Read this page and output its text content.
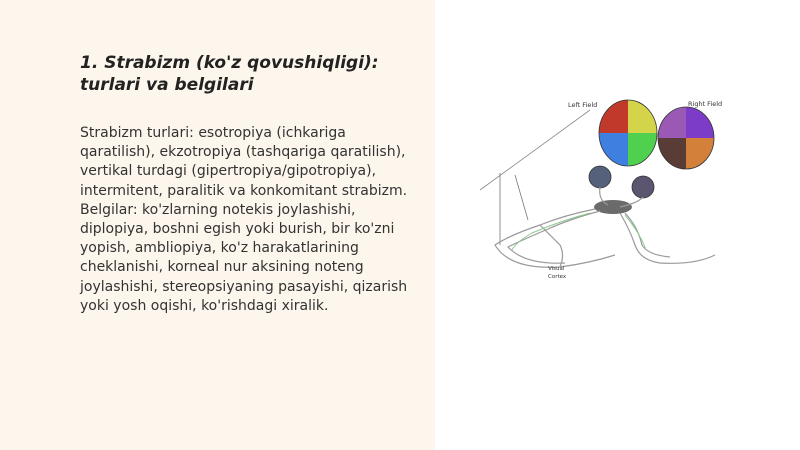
1. Strabizm (ko'z qovushiqligi): turlari va belgilari

Strabizm turlari: esotropiya (ichkariga qaratilish), ekzotropiya (tashqariga qaratilish), vertikal turdagi (gipertropiya/gipotropiya), intermitent, paralitik va konkomitant strabizm. Belgilar: ko'zlarning notekis joylashishi, diplopiya, boshni egish yoki burish, bir ko'zni yopish, ambliopiya, ko'z harakatlarining cheklanishi, korneal nur aksining noteng joylashishi, stereopsiyaning pasayishi, qizarish yoki yosh oqishi, ko'rishdagi xiralik.

Left Field	Right Field
Visual
Cortex
